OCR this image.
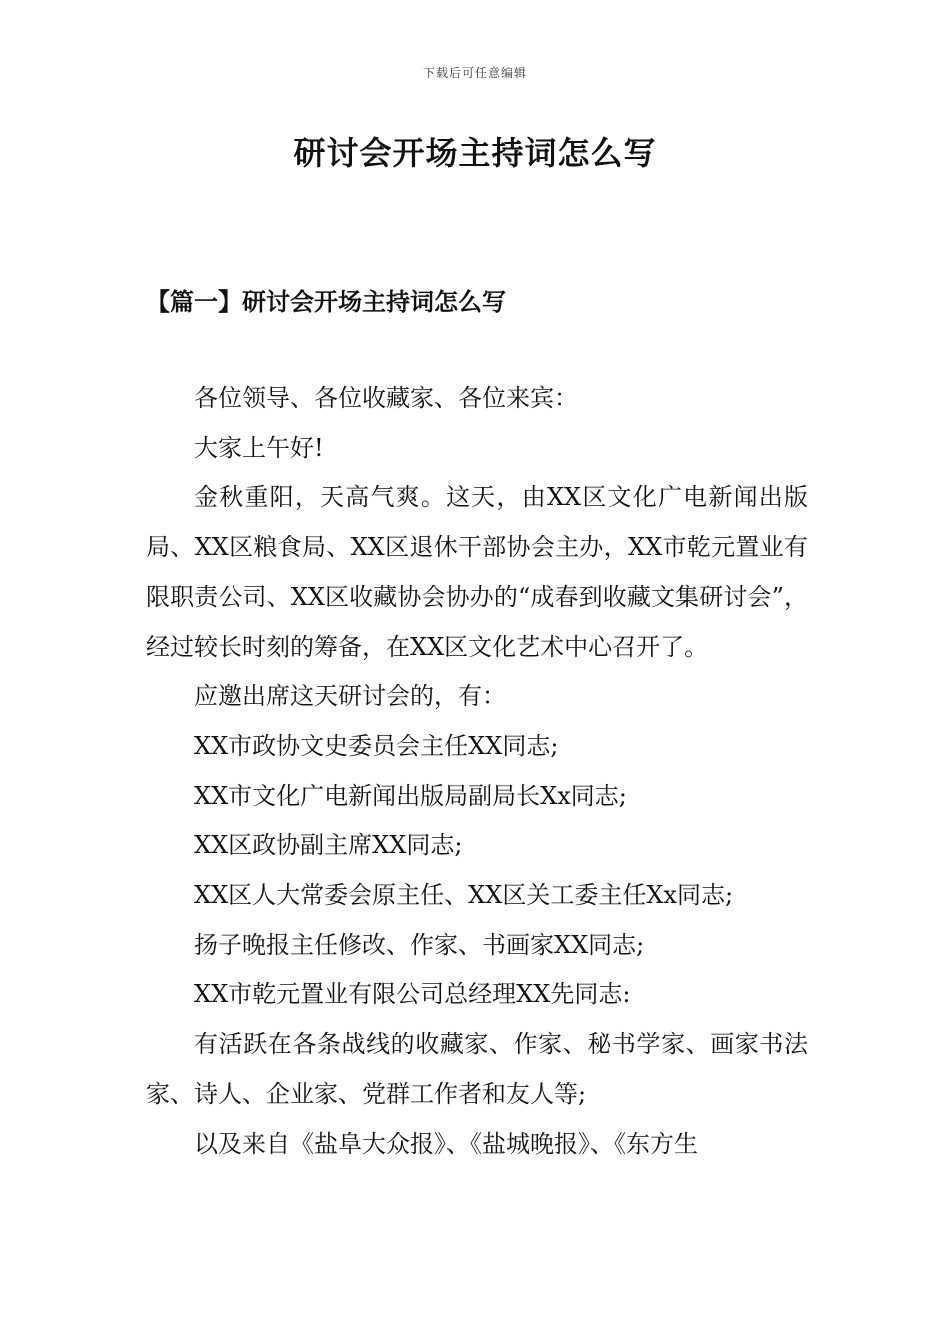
下载后可任意编辑
研讨会开场主持词怎么写
【篇一】研讨会开场主持词怎么写

各位领导、各位收藏家、各位来宾：

大家上午好!

金秋重阳，天高气爽。这天，由XX区文化广电新闻出版局、XX区粮食局、XX区退休干部协会主办，XX市乾元置业有限职责公司、XX区收藏协会协办的“成春到收藏文集研讨会”，经过较长时刻的筹备，在XX区文化艺术中心召开了。

应邀出席这天研讨会的，有：

XX市政协文史委员会主任XX同志;

XX市文化广电新闻出版局副局长Xx同志;

XX区政协副主席XX同志;

XX区人大常委会原主任、XX区关工委主任Xx同志;

扬子晚报主任修改、作家、书画家XX同志;

XX市乾元置业有限公司总经理XX先同志:

有活跃在各条战线的收藏家、作家、秘书学家、画家书法家、诗人、企业家、党群工作者和友人等;

以及来自《盐阜大众报》、《盐城晚报》、《东方生
